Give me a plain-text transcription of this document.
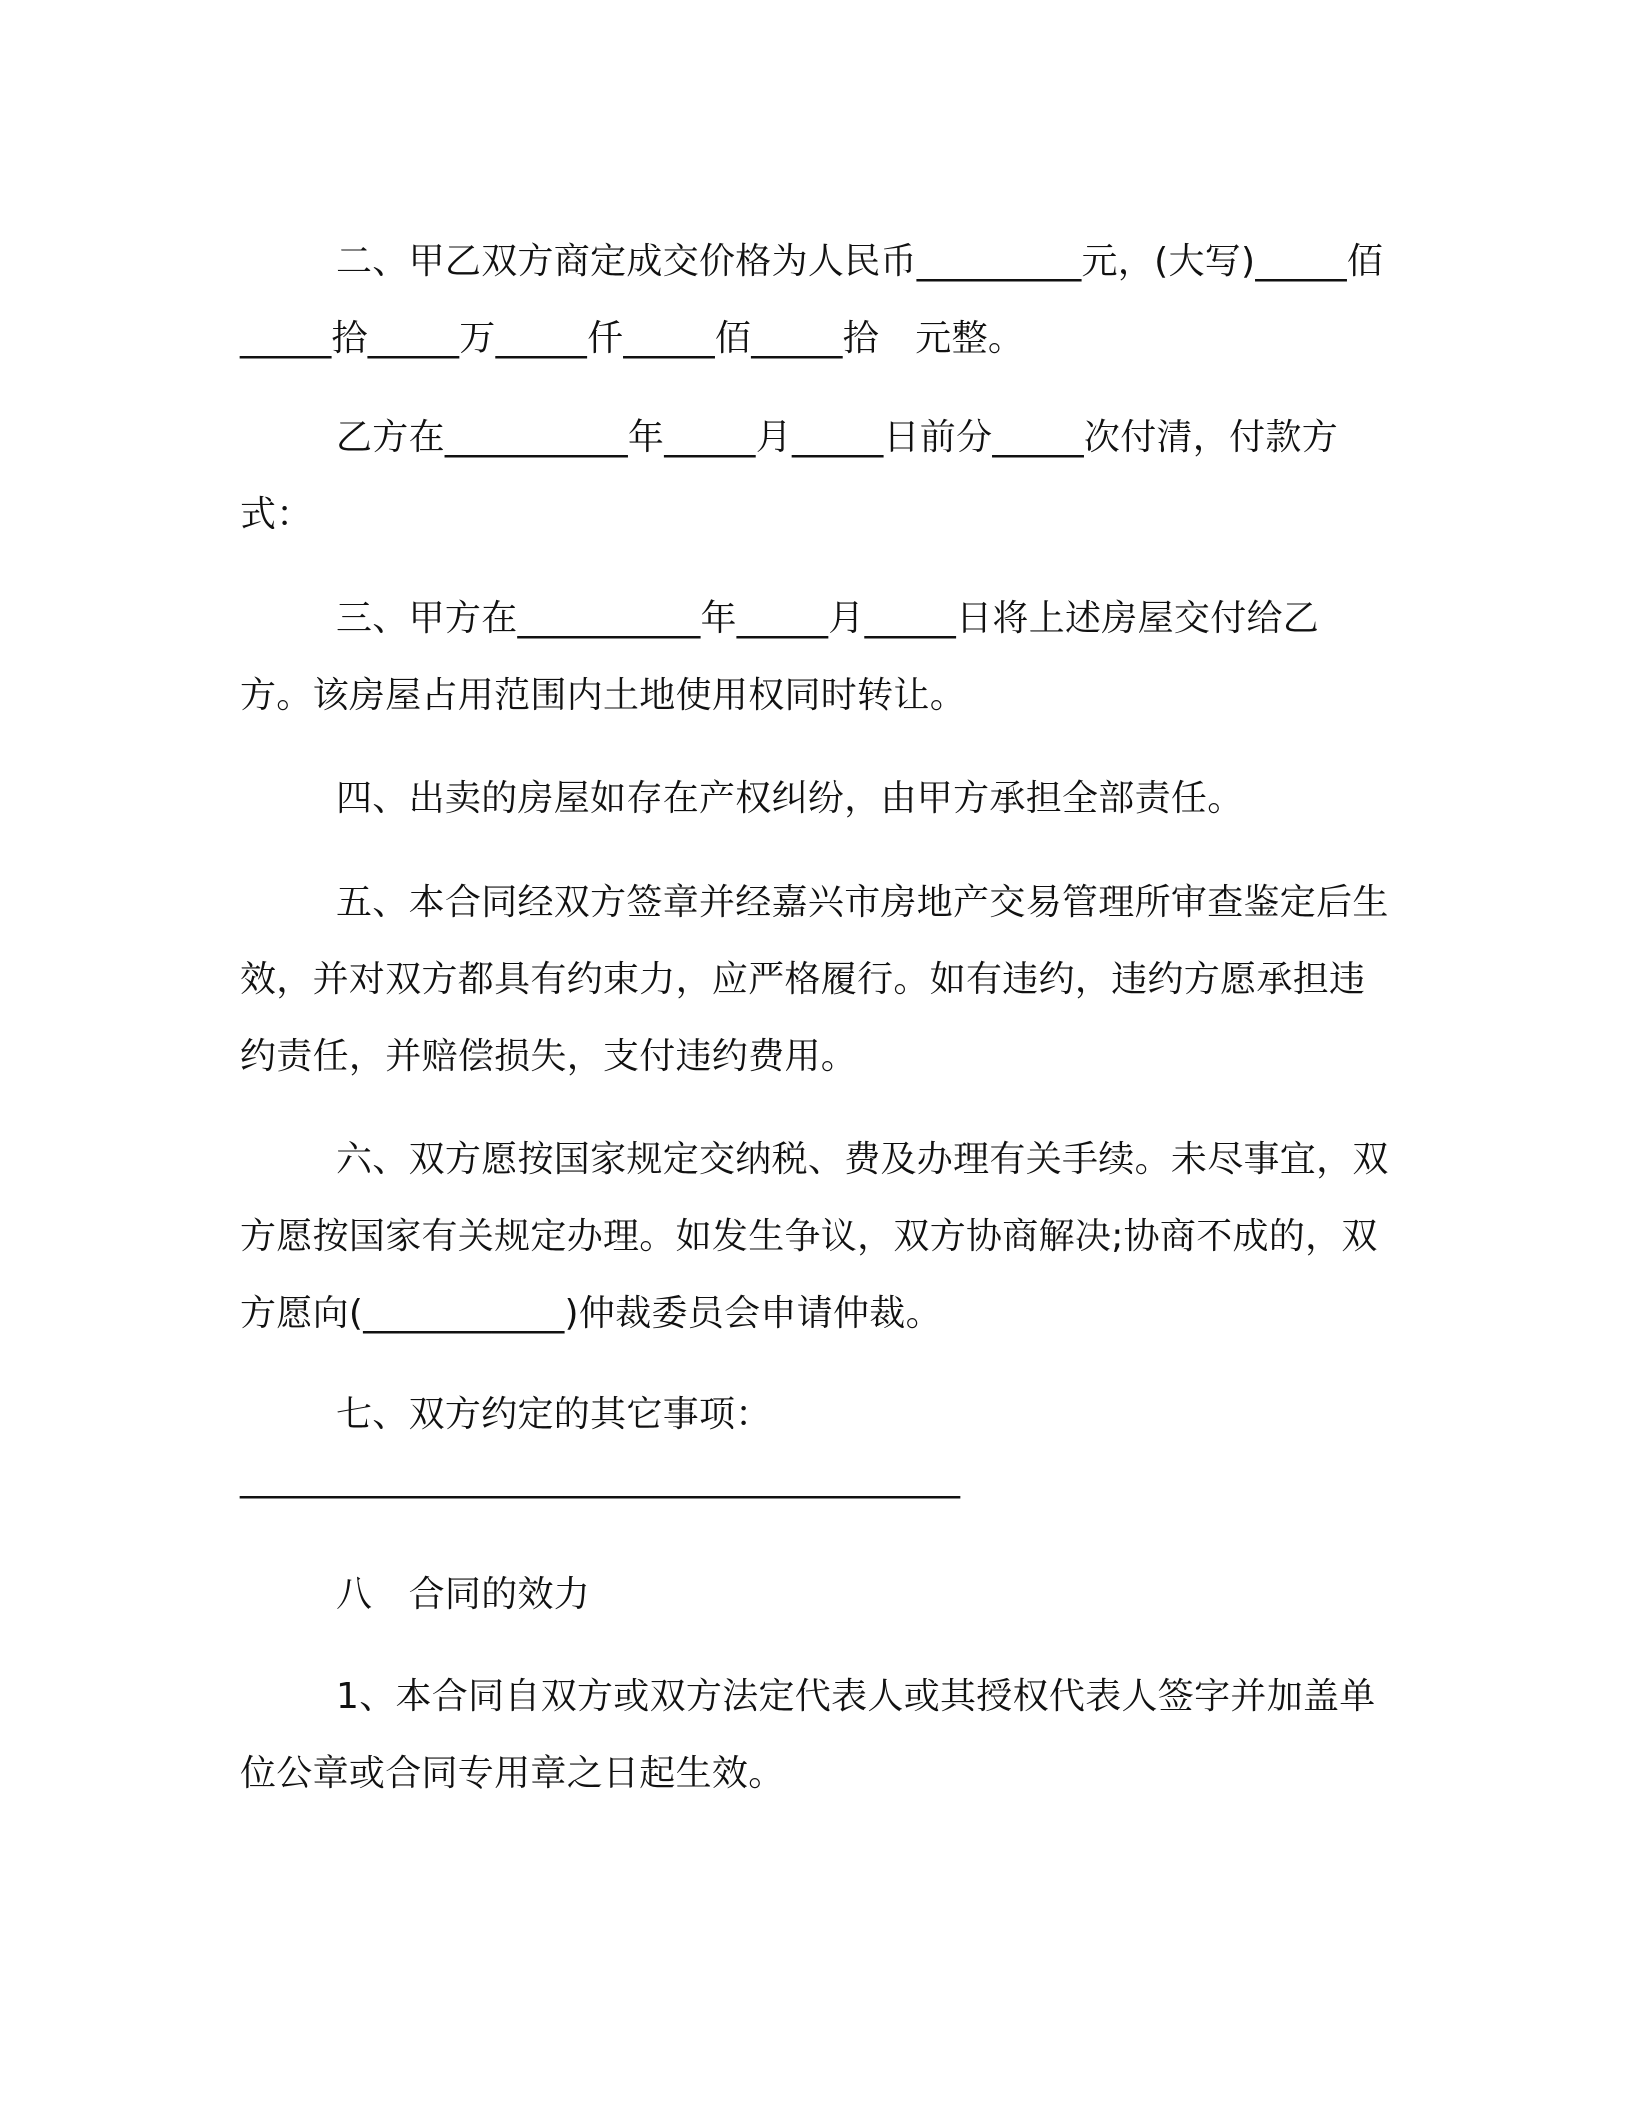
二、甲乙双方商定成交价格为人民币_________元，(大写)_____佰_____拾_____万_____仟_____佰_____拾　元整。

乙方在__________年_____月_____日前分_____次付清，付款方式：

三、甲方在__________年_____月_____日将上述房屋交付给乙方。该房屋占用范围内土地使用权同时转让。

四、出卖的房屋如存在产权纠纷，由甲方承担全部责任。

五、本合同经双方签章并经嘉兴市房地产交易管理所审查鉴定后生效，并对双方都具有约束力，应严格履行。如有违约，违约方愿承担违约责任，并赔偿损失，支付违约费用。

六、双方愿按国家规定交纳税、费及办理有关手续。未尽事宜，双方愿按国家有关规定办理。如发生争议，双方协商解决;协商不成的，双方愿向(___________)仲裁委员会申请仲裁。

七、双方约定的其它事项：

________________________________________

八　合同的效力

1、本合同自双方或双方法定代表人或其授权代表人签字并加盖单位公章或合同专用章之日起生效。
